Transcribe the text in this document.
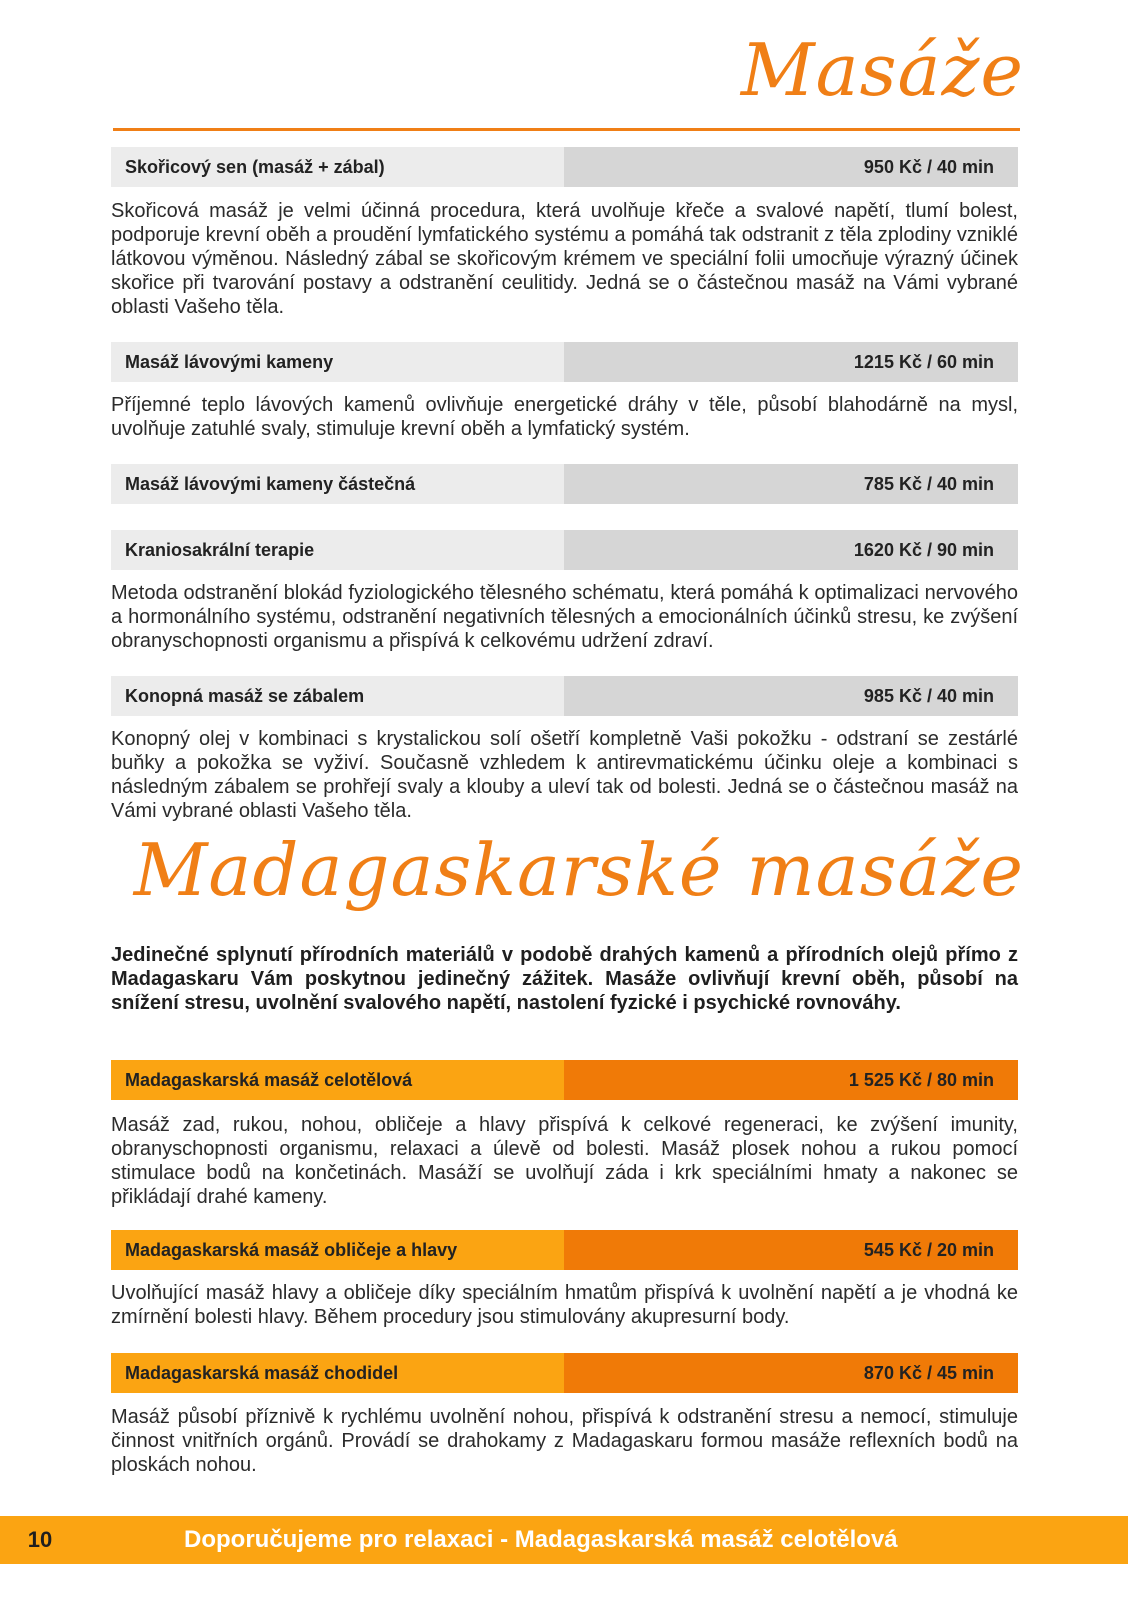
Masáže
Skořicový sen (masáž + zábal)	950 Kč / 40 min
Skořicová masáž je velmi účinná procedura, která uvolňuje křeče a svalové napětí, tlumí bolest, podporuje krevní oběh a proudění lymfatického systému a pomáhá tak odstranit z těla zplodiny vzniklé látkovou výměnou. Následný zábal se skořicovým krémem ve speciální folii umocňuje výrazný účinek skořice při tvarování postavy a odstranění ceulitidy. Jedná se o částečnou masáž na Vámi vybrané oblasti Vašeho těla.
Masáž lávovými kameny	1215 Kč / 60 min
Příjemné teplo lávových kamenů ovlivňuje energetické dráhy v těle, působí blahodárně na mysl, uvolňuje zatuhlé svaly, stimuluje krevní oběh a lymfatický systém.
Masáž lávovými kameny částečná	785 Kč / 40 min
Kraniosakrální terapie	1620 Kč / 90 min
Metoda odstranění blokád fyziologického tělesného schématu, která pomáhá k optimalizaci nervového a hormonálního systému, odstranění negativních tělesných a emocionálních účinků stresu, ke zvýšení obranyschopnosti organismu a přispívá k celkovému udržení zdraví.
Konopná masáž se zábalem	985 Kč / 40 min
Konopný olej v kombinaci s krystalickou solí ošetří kompletně Vaši pokožku - odstraní se zestárlé buňky a pokožka se vyživí. Současně vzhledem k antirevmatickému účinku oleje a kombinaci s následným zábalem se prohřejí svaly a klouby a uleví tak od bolesti. Jedná se o částečnou masáž na Vámi vybrané oblasti Vašeho těla.
Madagaskarské masáže
Jedinečné splynutí přírodních materiálů v podobě drahých kamenů a přírodních olejů přímo z Madagaskaru Vám poskytnou jedinečný zážitek. Masáže ovlivňují krevní oběh, působí na snížení stresu, uvolnění svalového napětí, nastolení fyzické i psychické rovnováhy.
Madagaskarská masáž celotělová	1 525 Kč / 80 min
Masáž zad, rukou, nohou, obličeje a hlavy přispívá k celkové regeneraci, ke zvýšení imunity, obranyschopnosti organismu, relaxaci a úlevě od bolesti. Masáž plosek nohou a rukou pomocí stimulace bodů na končetinách. Masáží se uvolňují záda i krk speciálními hmaty a nakonec se přikládají drahé kameny.
Madagaskarská masáž obličeje a hlavy	545 Kč / 20 min
Uvolňující masáž hlavy a obličeje díky speciálním hmatům přispívá k uvolnění napětí a je vhodná ke zmírnění bolesti hlavy. Během procedury jsou stimulovány akupresurní body.
Madagaskarská masáž chodidel	870 Kč / 45 min
Masáž působí příznivě k rychlému uvolnění nohou, přispívá k odstranění stresu a nemocí, stimuluje činnost vnitřních orgánů. Provádí se drahokamy z Madagaskaru formou masáže reflexních bodů na ploskách nohou.
10	Doporučujeme pro relaxaci - Madagaskarská masáž celotělová
